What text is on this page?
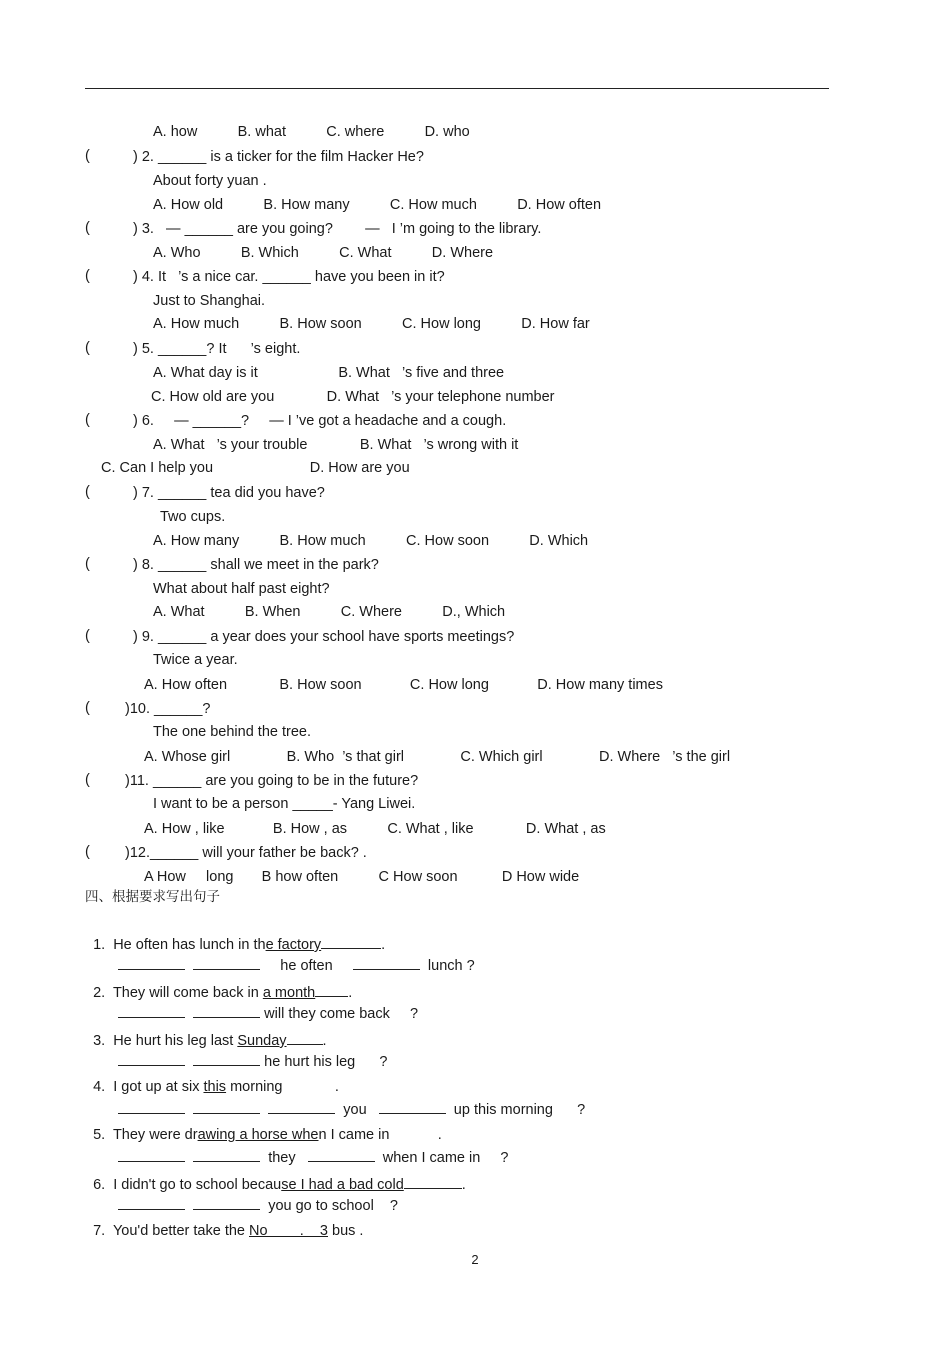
A. how          B. what          C. where          D. who
(	) 2. ______ is a ticker for the film Hacker He?
About forty yuan .
A. How old          B. How many          C. How much          D. How often
(	) 3.   — ______ are you going?        —   I ’m going to the library.
A. Who          B. Which          C. What          D. Where
(	) 4. It   ’s a nice car. ______ have you been in it?
Just to Shanghai.
A. How much          B. How soon          C. How long          D. How far
(	) 5. ______? It      ’s eight.
A. What day is it                    B. What   ’s five and three
C. How old are you             D. What   ’s your telephone number
(	) 6.     — ______?     — I ’ve got a headache and a cough.
A. What   ’s your trouble             B. What   ’s wrong with it
C. Can I help you                        D. How are you
(	) 7. ______ tea did you have?
Two cups.
A. How many          B. How much          C. How soon          D. Which
(	) 8. ______ shall we meet in the park?
What about half past eight?
A. What          B. When          C. Where          D., Which
(	) 9. ______ a year does your school have sports meetings?
Twice a year.
A. How often             B. How soon            C. How long            D. How many times
( )10. ______?
The one behind the tree.
A. Whose girl              B. Who  ’s that girl              C. Which girl              D. Where   ’s the girl
( )11. ______ are you going to be in the future?
I want to be a person _____- Yang Liwei.
A. How , like            B. How , as          C. What , like             D. What , as
( )12.______ will your father be back? .
A How     long       B how often          C How soon           D How wide
四、根据要求写出句子

1.  He often has lunch in the factory	.

he often	lunch ?

2.  They will come back in a month .

will they come back     ?

3.  He hurt his leg last Sunday .

he hurt his leg      ?

4.  I got up at six this morning             .

you	up this morning      ?

5.  They were drawing a horse when I came in            .

they	when I came in     ?

6.  I didn't go to school because I had a bad cold	.

you go to school    ?

7.  You'd better take the No        .    3 bus .

2
